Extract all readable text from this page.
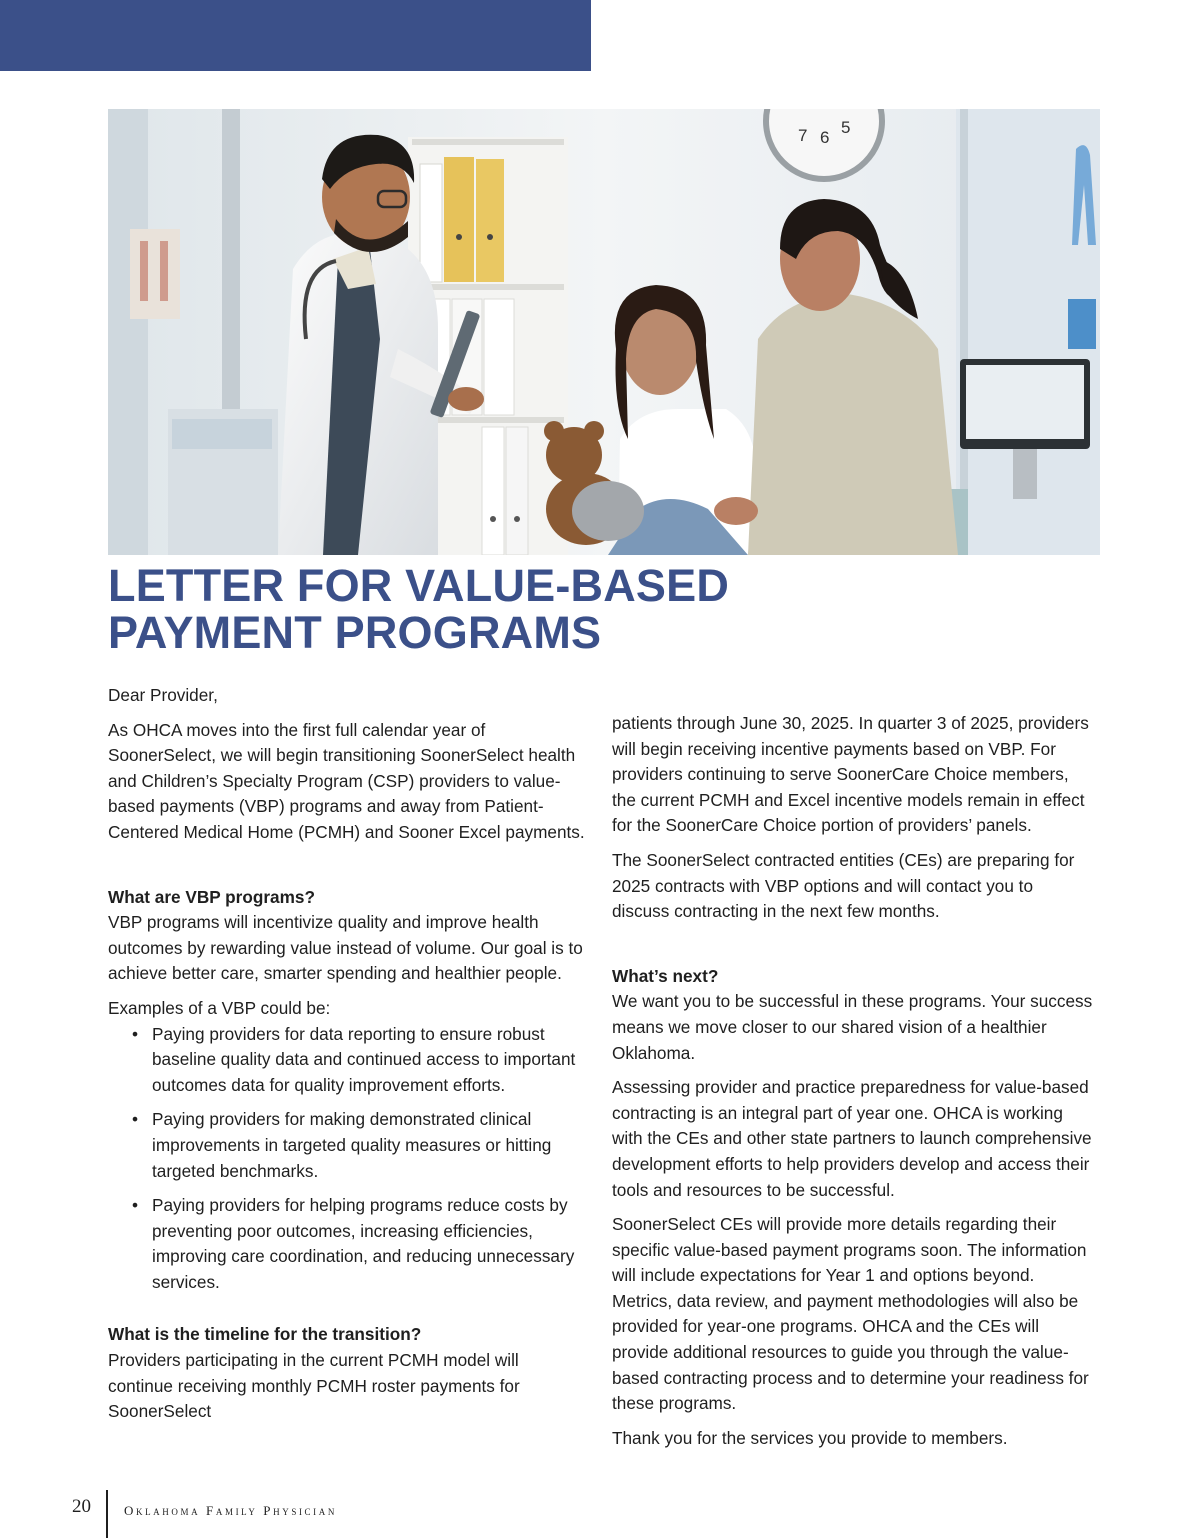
7 6
5
LETTER FOR VALUE-BASED
PAYMENT PROGRAMS

Dear Provider,

As OHCA moves into the first full calendar year of SoonerSelect, we will begin transitioning SoonerSelect health and Children’s Specialty Program (CSP) providers to value-based payments (VBP) programs and away from Patient-Centered Medical Home (PCMH) and Sooner Excel payments.

What are VBP programs?

VBP programs will incentivize quality and improve health outcomes by rewarding value instead of volume. Our goal is to achieve better care, smarter spending and healthier people.

Examples of a VBP could be:

• Paying providers for data reporting to ensure robust baseline quality data and continued access to important outcomes data for quality improvement efforts.
• Paying providers for making demonstrated clinical improvements in targeted quality measures or hitting targeted benchmarks.
• Paying providers for helping programs reduce costs by preventing poor outcomes, increasing efficiencies, improving care coordination, and reducing unnecessary services.
What is the timeline for the transition?

Providers participating in the current PCMH model will continue receiving monthly PCMH roster payments for SoonerSelect

patients through June 30, 2025. In quarter 3 of 2025, providers will begin receiving incentive payments based on VBP. For providers continuing to serve SoonerCare Choice members, the current PCMH and Excel incentive models remain in effect for the SoonerCare Choice portion of providers’ panels.

The SoonerSelect contracted entities (CEs) are preparing for 2025 contracts with VBP options and will contact you to discuss contracting in the next few months.

What’s next?

We want you to be successful in these programs. Your success means we move closer to our shared vision of a healthier Oklahoma.

Assessing provider and practice preparedness for value-based contracting is an integral part of year one. OHCA is working with the CEs and other state partners to launch comprehensive development efforts to help providers develop and access their tools and resources to be successful.

SoonerSelect CEs will provide more details regarding their specific value-based payment programs soon. The information will include expectations for Year 1 and options beyond. Metrics, data review, and payment methodologies will also be provided for year-one programs. OHCA and the CEs will provide additional resources to guide you through the value-based contracting process and to determine your readiness for these programs.

Thank you for the services you provide to members.

20	Oklahoma Family Physician
